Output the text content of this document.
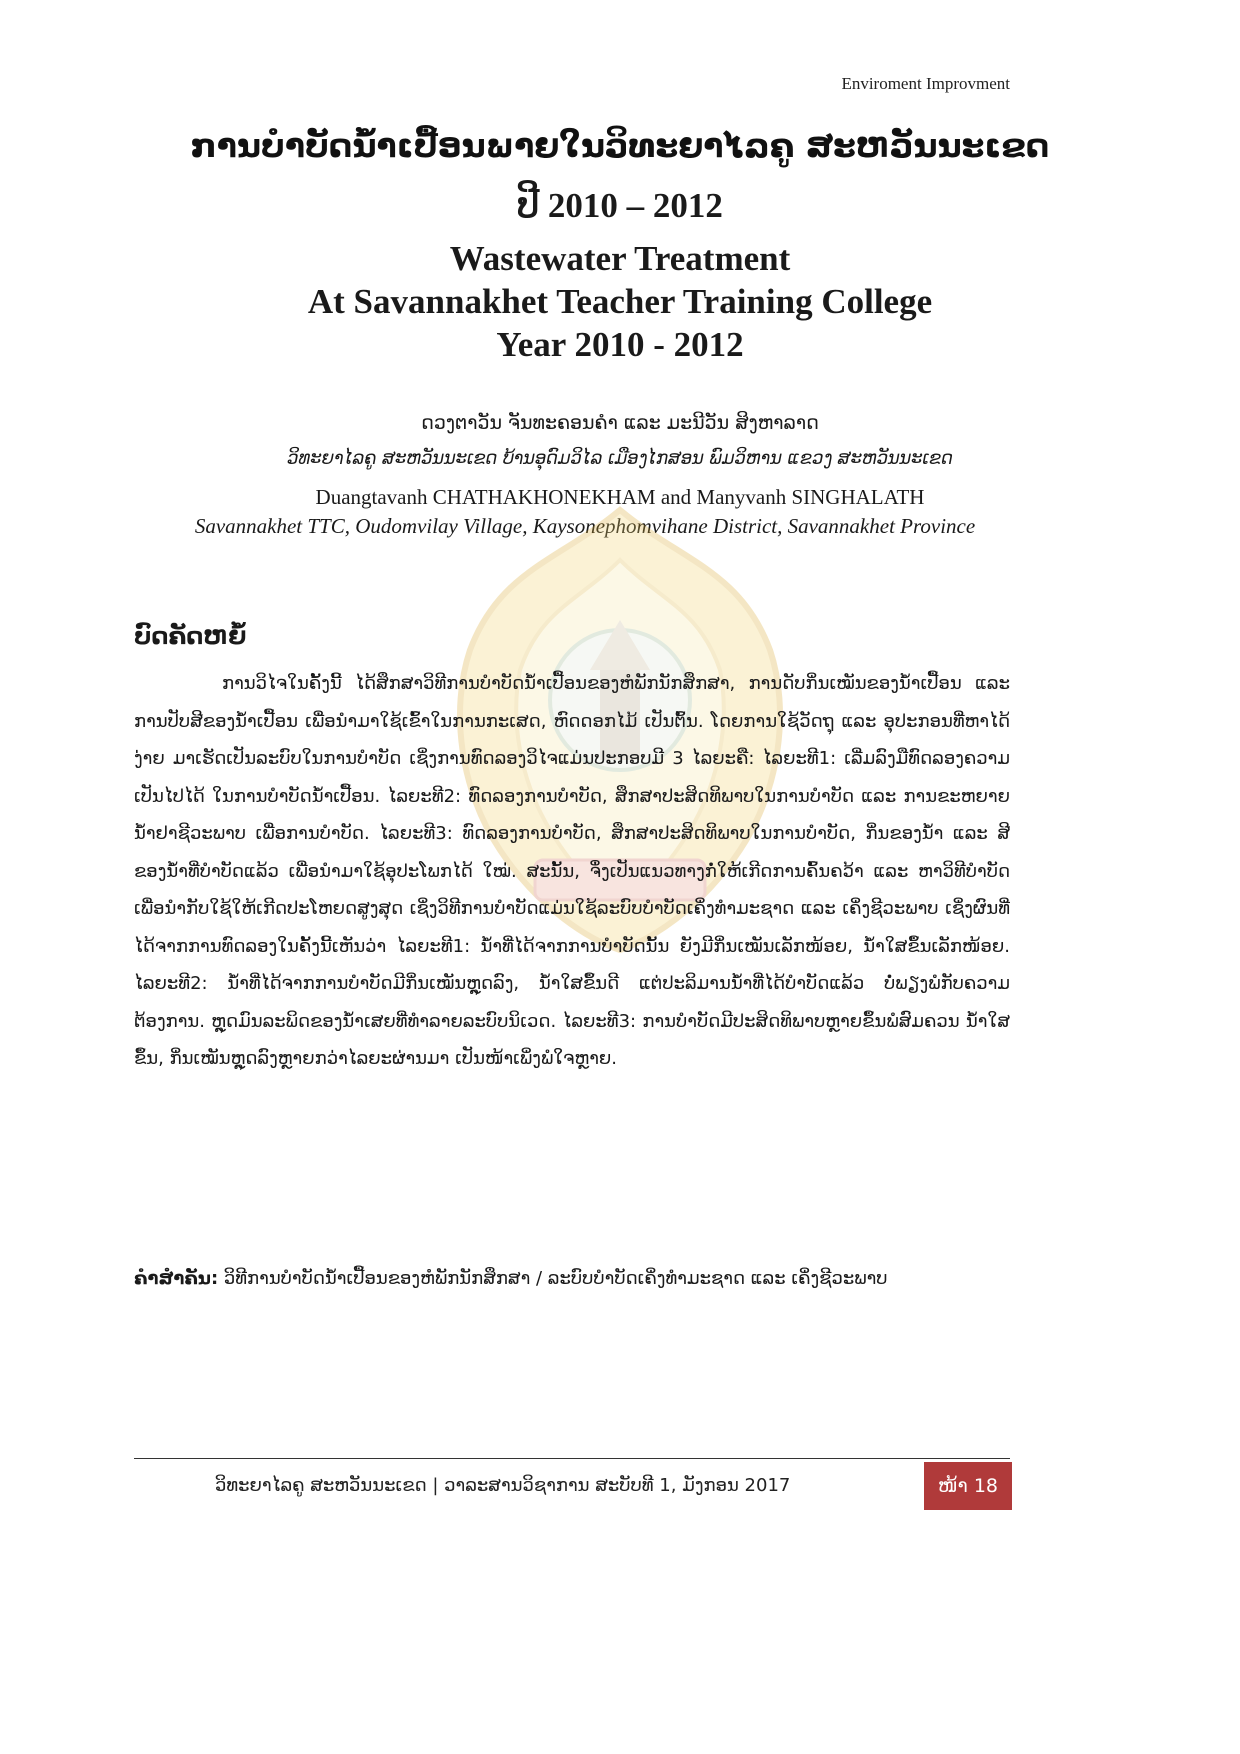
Enviroment Improvment
ການບຳບັດນ້ຳເປື້ອນພາຍໃນວິທະຍາໄລຄູ ສະຫວັນນະເຂດ
ປີ 2010 – 2012
Wastewater Treatment
At Savannakhet Teacher Training College
Year 2010 - 2012
ດວງຕາວັນ ຈັນທະຄອນຄຳ ແລະ ມະນີວັນ ສິງຫາລາດ
ວິທະຍາໄລຄູ ສະຫວັນນະເຂດ ບ້ານອຸດົມວິໄລ ເມືອງໄກສອນ ພົມວິຫານ ແຂວງ ສະຫວັນນະເຂດ
Duangtavanh CHATHAKHONEKHAM and Manyvanh SINGHALATH
Savannakhet TTC, Oudomvilay Village, Kaysonephomvihane District, Savannakhet Province
ບົດຄັດຫຍໍ້
ການວິໄຈໃນຄັ້ງນີ້ ໄດ້ສຶກສາວິທີການບຳບັດນ້ຳເປື້ອນຂອງຫໍພັກນັກສຶກສາ, ການດັບກິ່ນເໝັນຂອງນ້ຳເປື້ອນ ແລະ ການປັບສີຂອງນ້ຳເປື້ອນ ເພື່ອນຳມາໃຊ້ເຂົ້າໃນການກະເສດ, ຫົດດອກໄມ້ ເປັນຕົ້ນ. ໂດຍການໃຊ້ວັດຖຸ ແລະ ອຸປະກອນທີ່ຫາໄດ້ງ່າຍ ມາເຮັດເປັນລະບົບໃນການບຳບັດ ເຊິ່ງການທົດລອງວິໄຈແມ່ນປະກອບມີ 3 ໄລຍະຄື: ໄລຍະທີ1: ເລີ່ມລົງມືທົດລອງຄວາມເປັນໄປໄດ້ ໃນການບຳບັດນ້ຳເປື້ອນ. ໄລຍະທີ2: ທົດລອງການບຳບັດ, ສຶກສາປະສິດທິພາບໃນການບຳບັດ ແລະ ການຂະຫຍາຍນ້ຳຢາຊີວະພາບ ເພື່ອການບຳບັດ. ໄລຍະທີ3: ທົດລອງການບຳບັດ, ສຶກສາປະສິດທິພາບໃນການບຳບັດ, ກິ່ນຂອງນ້ຳ ແລະ ສີຂອງນ້ຳທີ່ບຳບັດແລ້ວ ເພື່ອນຳມາໃຊ້ອຸປະໂພກໄດ້ ໃໝ່. ສະນັ້ນ, ຈຶ່ງເປັນແນວທາງກໍ່ໃຫ້ເກີດການຄົ້ນຄວ້າ ແລະ ຫາວິທີບຳບັດ ເພື່ອນຳກັບໃຊ້ໃຫ້ເກີດປະໂຫຍດສູງສຸດ ເຊິ່ງວິທີການບຳບັດແມ່ນໃຊ້ລະບົບບຳບັດເຄິ່ງທຳມະຊາດ ແລະ ເຄິ່ງຊີວະພາບ ເຊິ່ງຜົນທີ່ໄດ້ຈາກການທົດລອງໃນຄັ້ງນີ້ເຫັນວ່າ ໄລຍະທີ1: ນ້ຳທີ່ໄດ້ຈາກການບຳບັດນັ້ນ ຍັງມີກິ່ນເໝັນເລັກໜ້ອຍ, ນ້ຳໃສຂຶ້ນເລັກໜ້ອຍ. ໄລຍະທີ2: ນ້ຳທີ່ໄດ້ຈາກການບຳບັດມີກິ່ນເໝັນຫຼຸດລົງ, ນ້ຳໃສຂຶ້ນດີ ແຕ່ປະລິມານນ້ຳທີ່ໄດ້ບຳບັດແລ້ວ ບໍ່ພຽງພໍກັບຄວາມຕ້ອງການ. ຫຼຸດມົນລະພິດຂອງນ້ຳເສຍທີ່ທຳລາຍລະບົບນິເວດ. ໄລຍະທີ3: ການບຳບັດມີປະສິດທິພາບຫຼາຍຂຶ້ນພໍສົມຄວນ ນ້ຳໃສຂຶ້ນ, ກິ່ນເໝັນຫຼຸດລົງຫຼາຍກວ່າໄລຍະຜ່ານມາ ເປັນໜ້າເພິ່ງພໍໃຈຫຼາຍ.
ຄຳສຳຄັນ: ວິທີການບຳບັດນ້ຳເປື້ອນຂອງຫໍພັກນັກສຶກສາ / ລະບົບບຳບັດເຄິ່ງທຳມະຊາດ ແລະ ເຄິ່ງຊີວະພາບ
ວິທະຍາໄລຄູ ສະຫວັນນະເຂດ | ວາລະສານວິຊາການ ສະບັບທີ 1, ມັງກອນ 2017	ໜ້າ 18
